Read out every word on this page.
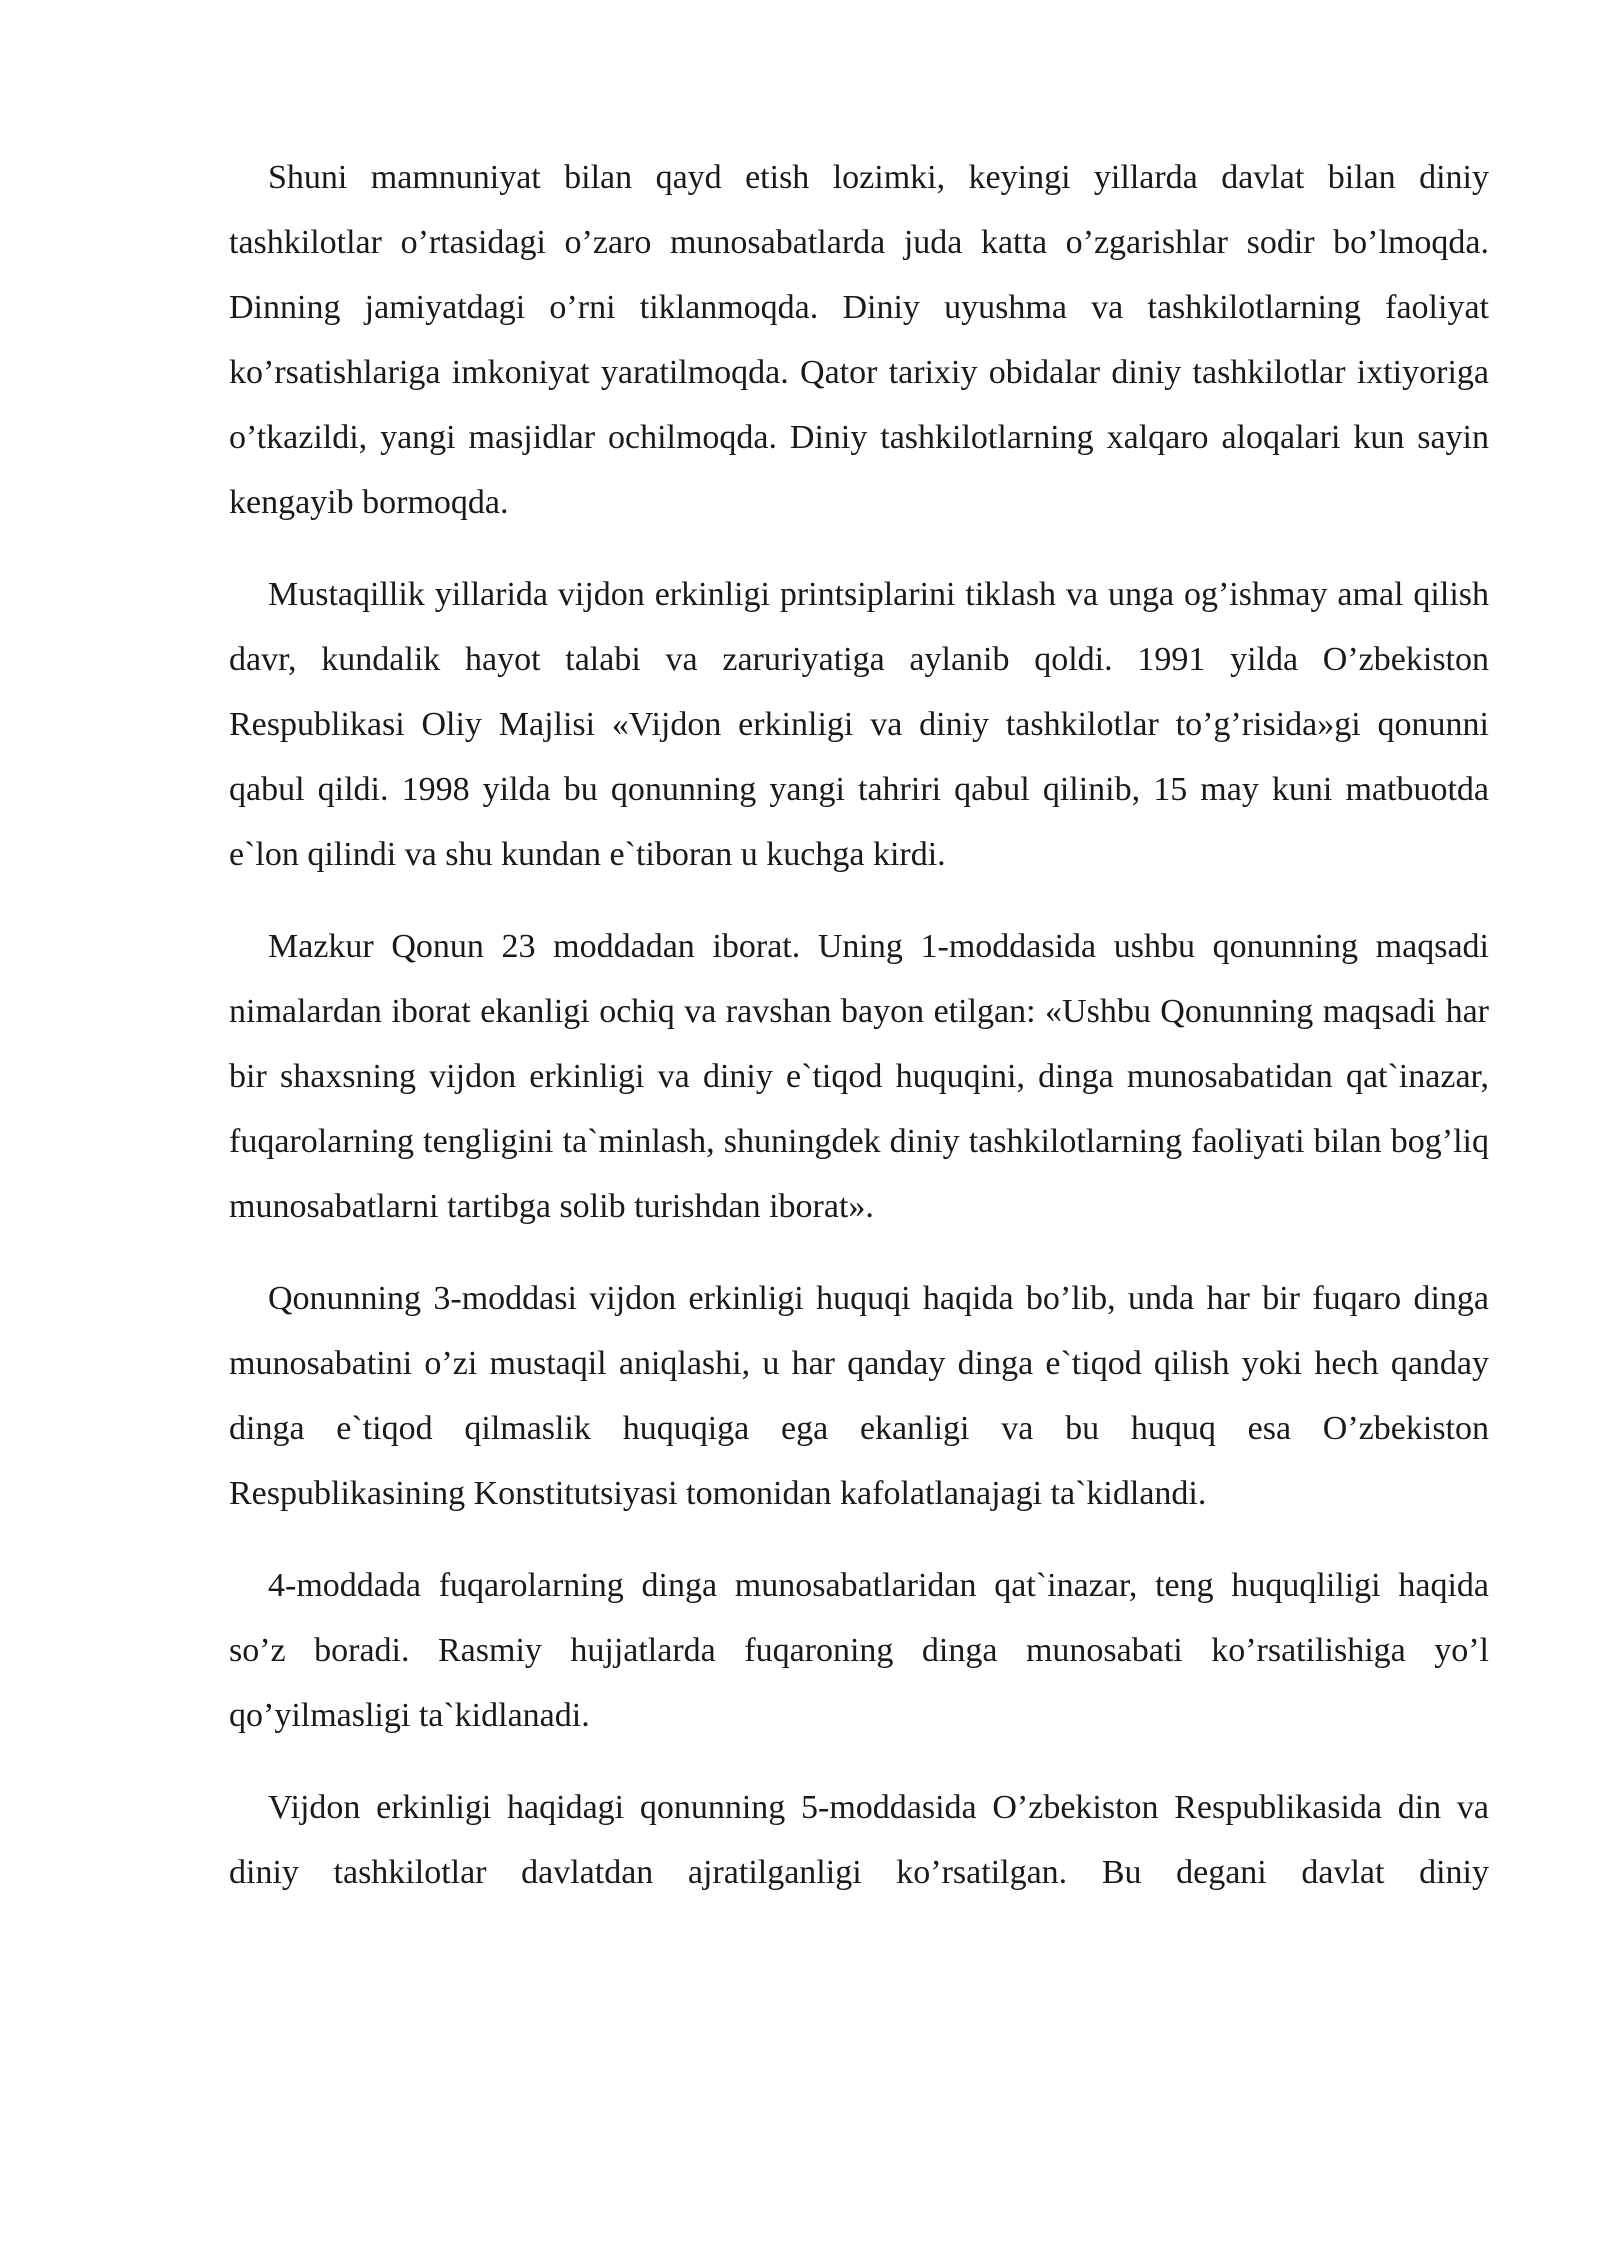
Shuni mamnuniyat bilan qayd etish lozimki, keyingi yillarda davlat bilan diniy tashkilotlar o’rtasidagi o’zaro munosabatlarda juda katta o’zgarishlar sodir bo’lmoqda. Dinning jamiyatdagi o’rni tiklanmoqda. Diniy uyushma va tashkilotlarning faoliyat ko’rsatishlariga imkoniyat yaratilmoqda. Qator tarixiy obidalar diniy tashkilotlar ixtiyoriga o’tkazildi, yangi masjidlar ochilmoqda. Diniy tashkilotlarning xalqaro aloqalari kun sayin kengayib bormoqda.

Mustaqillik yillarida vijdon erkinligi printsiplarini tiklash va unga og’ishmay amal qilish davr, kundalik hayot talabi va zaruriyatiga aylanib qoldi. 1991 yilda O’zbekiston Respublikasi Oliy Majlisi «Vijdon erkinligi va diniy tashkilotlar to’g’risida»gi qonunni qabul qildi. 1998 yilda bu qonunning yangi tahriri qabul qilinib, 15 may kuni matbuotda e`lon qilindi va shu kundan e`tiboran u kuchga kirdi.

Mazkur Qonun 23 moddadan iborat. Uning 1-moddasida ushbu qonunning maqsadi nimalardan iborat ekanligi ochiq va ravshan bayon etilgan: «Ushbu Qonunning maqsadi har bir shaxsning vijdon erkinligi va diniy e`tiqod huquqini, dinga munosabatidan qat`inazar, fuqarolarning tengligini ta`minlash, shuningdek diniy tashkilotlarning faoliyati bilan bog’liq munosabatlarni tartibga solib turishdan iborat».

Qonunning 3-moddasi vijdon erkinligi huquqi haqida bo’lib, unda har bir fuqaro dinga munosabatini o’zi mustaqil aniqlashi, u har qanday dinga e`tiqod qilish yoki hech qanday dinga e`tiqod qilmaslik huquqiga ega ekanligi va bu huquq esa O’zbekiston Respublikasining Konstitutsiyasi tomonidan kafolatlanajagi ta`kidlandi.

4-moddada fuqarolarning dinga munosabatlaridan qat`inazar, teng huquqliligi haqida so’z boradi. Rasmiy hujjatlarda fuqaroning dinga munosabati ko’rsatilishiga yo’l qo’yilmasligi ta`kidlanadi.

Vijdon erkinligi haqidagi qonunning 5-moddasida O’zbekiston Respublikasida din va diniy tashkilotlar davlatdan ajratilganligi ko’rsatilgan. Bu degani davlat diniy
